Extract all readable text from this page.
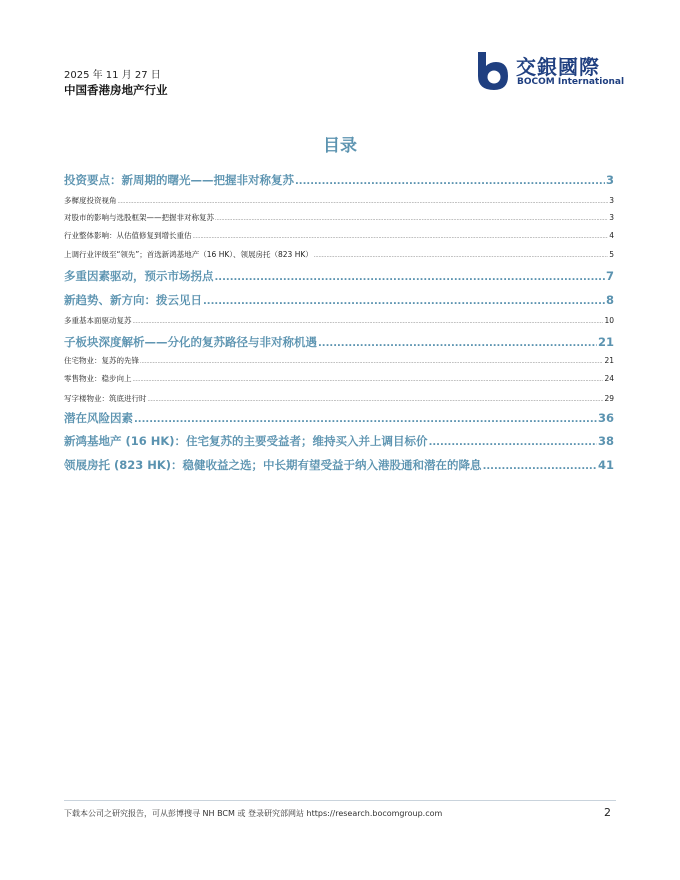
2025 年 11 月 27 日
中国香港房地产行业
交銀國際
BOCOM International
目录
投资要点：新周期的曙光——把握非对称复苏 .....	3
多樨度投资视角 .....	3
对股市的影响与选股框架——把握非对称复苏 .....	3
行业整体影响：从估值修复到增长重估 .....	4
上调行业评级至“领先”；首选新鸿基地产（16 HK）、领展房托（823 HK） .....	5
多重因素驱动，预示市场拐点 .....	7
新趋势、新方向：拨云见日 .....	8
多重基本面驱动复苏 .....	10
子板块深度解析——分化的复苏路径与非对称机遇 .....	21
住宅物业：复苏的先锋 .....	21
零售物业：稳步向上 .....	24
写字楼物业：筑底进行时 .....	29
潜在风险因素 .....	36
新鸿基地产 (16 HK)：住宅复苏的主要受益者；维持买入并上调目标价 .....	38
领展房托 (823 HK)：稳健收益之选；中长期有望受益于纳入港股通和潜在的降息 .....	41
下载本公司之研究报告，可从彭博搜寻 NH BCM 或 登录研究部网站 https://research.bocomgroup.com	2
